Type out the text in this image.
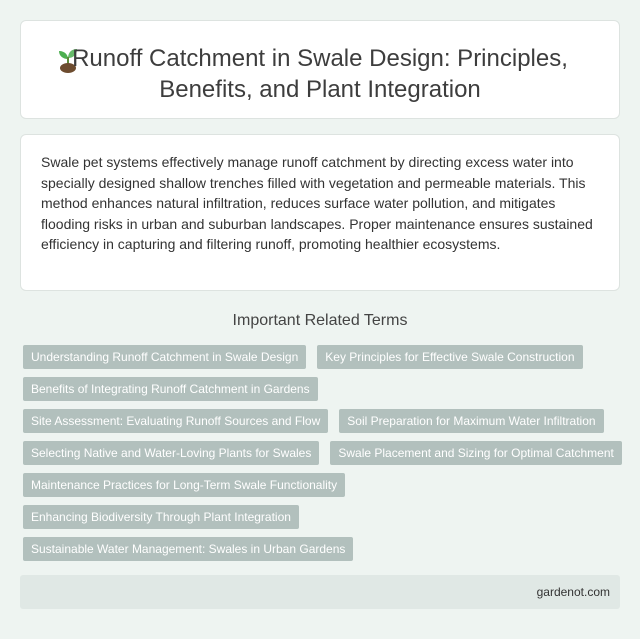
Runoff Catchment in Swale Design: Principles, Benefits, and Plant Integration

Swale pet systems effectively manage runoff catchment by directing excess water into specially designed shallow trenches filled with vegetation and permeable materials. This method enhances natural infiltration, reduces surface water pollution, and mitigates flooding risks in urban and suburban landscapes. Proper maintenance ensures sustained efficiency in capturing and filtering runoff, promoting healthier ecosystems.

Important Related Terms
Understanding Runoff Catchment in Swale Design	Key Principles for Effective Swale Construction
Benefits of Integrating Runoff Catchment in Gardens
Site Assessment: Evaluating Runoff Sources and Flow	Soil Preparation for Maximum Water Infiltration
Selecting Native and Water-Loving Plants for Swales	Swale Placement and Sizing for Optimal Catchment
Maintenance Practices for Long-Term Swale Functionality
Enhancing Biodiversity Through Plant Integration
Sustainable Water Management: Swales in Urban Gardens
gardenot.com
